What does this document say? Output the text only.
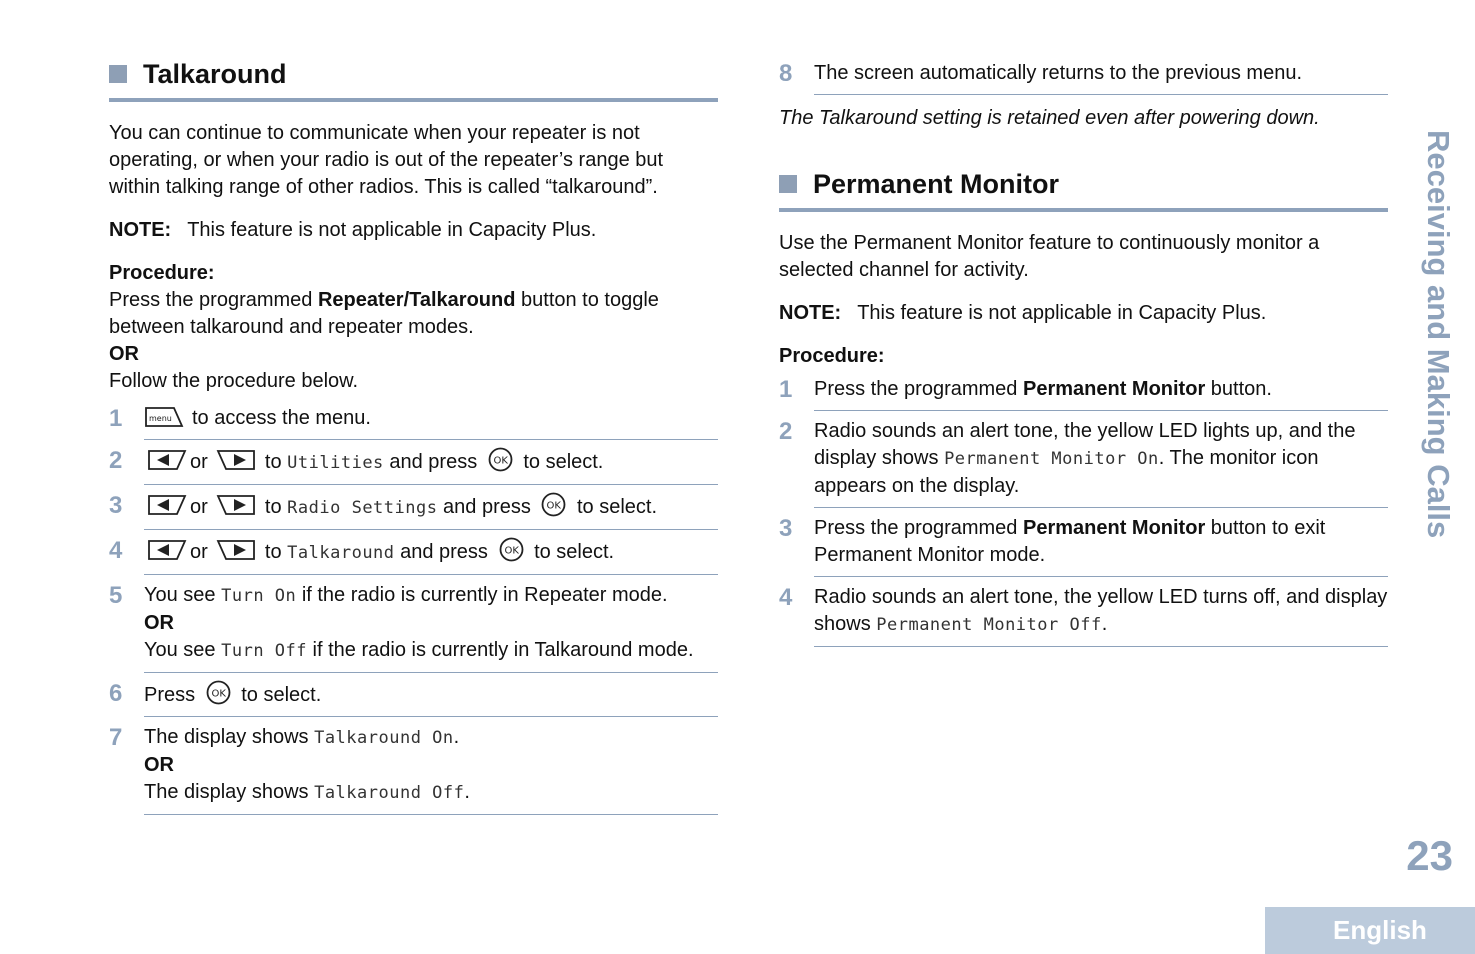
Talkaround

You can continue to communicate when your repeater is not operating, or when your radio is out of the repeater’s range but within talking range of other radios. This is called “talkaround”.

NOTE: This feature is not applicable in Capacity Plus.
Procedure:
Press the programmed Repeater/Talkaround button to toggle between talkaround and repeater modes.
OR
Follow the procedure below.
1	menu to access the menu.
2	or	to Utilities and press OK to select.
3	or	to Radio Settings and press OK to select.
4	or	to Talkaround and press OK to select.
5 You see Turn On if the radio is currently in Repeater mode.
OR
You see Turn Off if the radio is currently in Talkaround mode.
6 Press OK to select.
7 The display shows Talkaround On.
OR
The display shows Talkaround Off.
8 The screen automatically returns to the previous menu.

The Talkaround setting is retained even after powering down.

Permanent Monitor

Use the Permanent Monitor feature to continuously monitor a selected channel for activity.

NOTE: This feature is not applicable in Capacity Plus.
Procedure:
1 Press the programmed Permanent Monitor button.
2 Radio sounds an alert tone, the yellow LED lights up, and the display shows Permanent Monitor On. The monitor icon appears on the display.
3 Press the programmed Permanent Monitor button to exit Permanent Monitor mode.
4 Radio sounds an alert tone, the yellow LED turns off, and display shows Permanent Monitor Off.
Receiving and Making Calls
23
English
